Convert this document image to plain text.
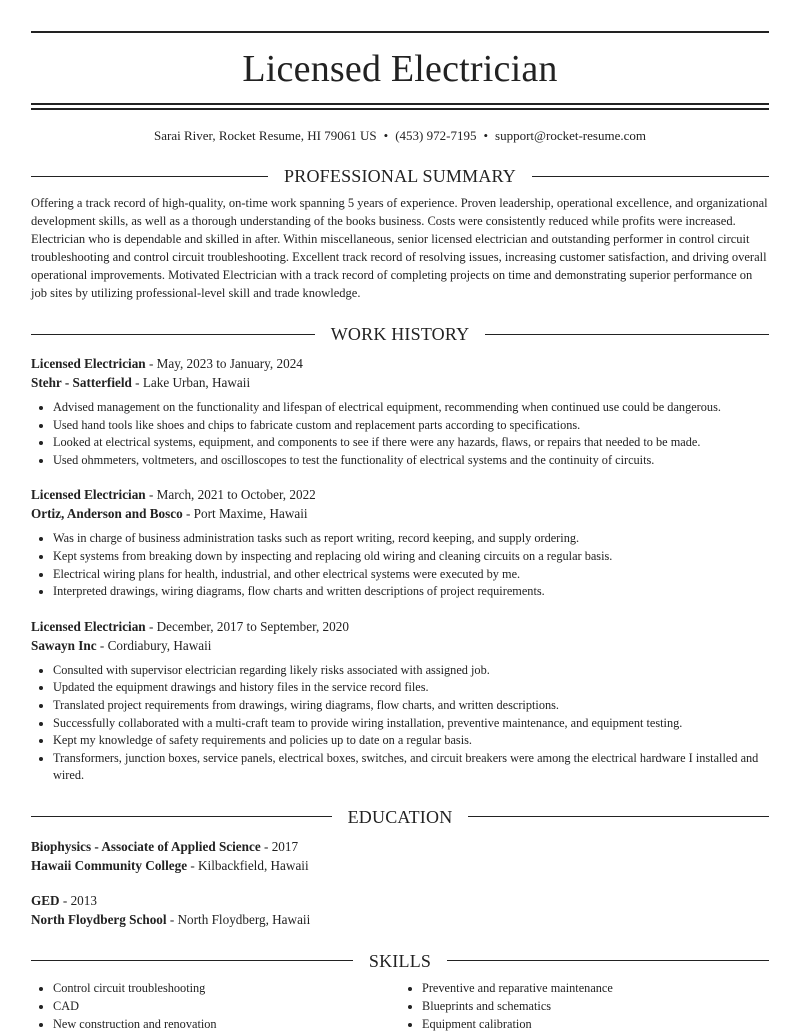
Licensed Electrician
Sarai River, Rocket Resume, HI 79061 US • (453) 972-7195 • support@rocket-resume.com
PROFESSIONAL SUMMARY

Offering a track record of high-quality, on-time work spanning 5 years of experience. Proven leadership, operational excellence, and organizational development skills, as well as a thorough understanding of the books business. Costs were consistently reduced while profits were increased. Electrician who is dependable and skilled in after. Within miscellaneous, senior licensed electrician and outstanding performer in control circuit troubleshooting and control circuit troubleshooting. Excellent track record of resolving issues, increasing customer satisfaction, and driving overall operational improvements. Motivated Electrician with a track record of completing projects on time and demonstrating superior performance on job sites by utilizing professional-level skill and trade knowledge.

WORK HISTORY
Licensed Electrician - May, 2023 to January, 2024
Stehr - Satterfield - Lake Urban, Hawaii
• Advised management on the functionality and lifespan of electrical equipment, recommending when continued use could be dangerous.
• Used hand tools like shoes and chips to fabricate custom and replacement parts according to specifications.
• Looked at electrical systems, equipment, and components to see if there were any hazards, flaws, or repairs that needed to be made.
• Used ohmmeters, voltmeters, and oscilloscopes to test the functionality of electrical systems and the continuity of circuits.
Licensed Electrician - March, 2021 to October, 2022
Ortiz, Anderson and Bosco - Port Maxime, Hawaii
• Was in charge of business administration tasks such as report writing, record keeping, and supply ordering.
• Kept systems from breaking down by inspecting and replacing old wiring and cleaning circuits on a regular basis.
• Electrical wiring plans for health, industrial, and other electrical systems were executed by me.
• Interpreted drawings, wiring diagrams, flow charts and written descriptions of project requirements.
Licensed Electrician - December, 2017 to September, 2020
Sawayn Inc - Cordiabury, Hawaii
• Consulted with supervisor electrician regarding likely risks associated with assigned job.
• Updated the equipment drawings and history files in the service record files.
• Translated project requirements from drawings, wiring diagrams, flow charts, and written descriptions.
• Successfully collaborated with a multi-craft team to provide wiring installation, preventive maintenance, and equipment testing.
• Kept my knowledge of safety requirements and policies up to date on a regular basis.
• Transformers, junction boxes, service panels, electrical boxes, switches, and circuit breakers were among the electrical hardware I installed and wired.
EDUCATION
Biophysics - Associate of Applied Science - 2017
Hawaii Community College - Kilbackfield, Hawaii
GED - 2013
North Floydberg School - North Floydberg, Hawaii
SKILLS
• Control circuit troubleshooting
• CAD
• New construction and renovation
• Preventive and reparative maintenance
• Blueprints and schematics
• Equipment calibration
